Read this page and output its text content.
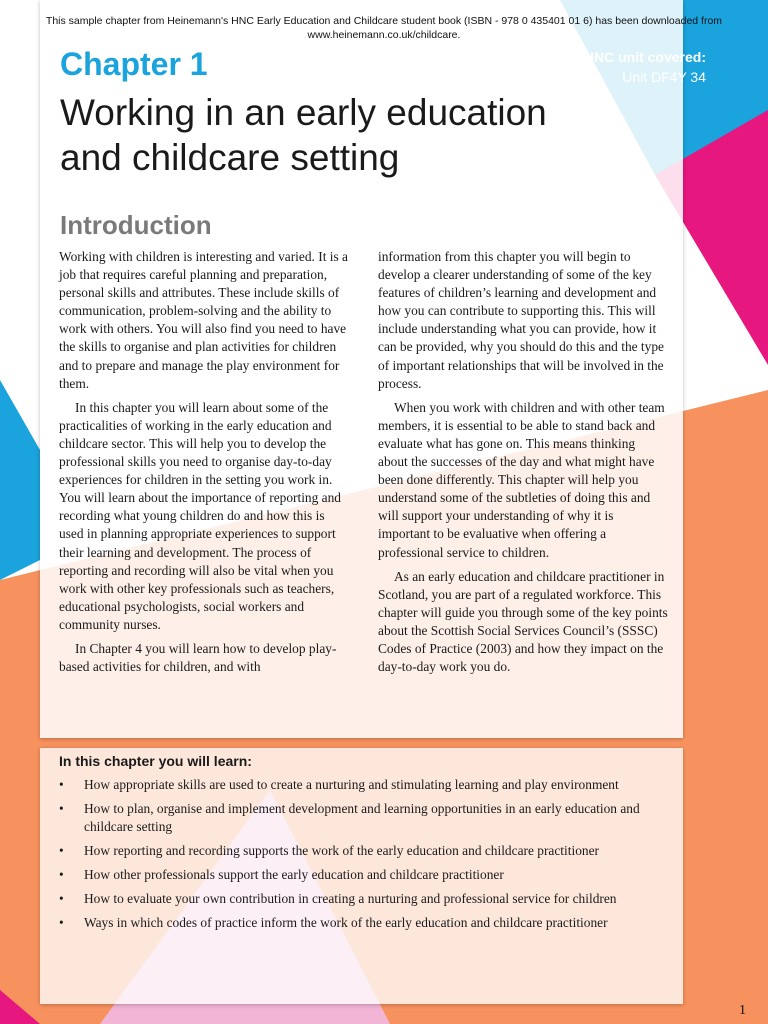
This sample chapter from Heinemann's HNC Early Education and Childcare student book (ISBN - 978 0 435401 01 6) has been downloaded from
www.heinemann.co.uk/childcare.
Chapter 1
Working in an early education
and childcare setting
HNC unit covered:
Unit DF4Y 34
Introduction

Working with children is interesting and varied. It is a job that requires careful planning and preparation, personal skills and attributes. These include skills of communication, problem-solving and the ability to work with others. You will also find you need to have the skills to organise and plan activities for children and to prepare and manage the play environment for them.

In this chapter you will learn about some of the practicalities of working in the early education and childcare sector. This will help you to develop the professional skills you need to organise day-to-day experiences for children in the setting you work in. You will learn about the importance of reporting and recording what young children do and how this is used in planning appropriate experiences to support their learning and development. The process of reporting and recording will also be vital when you work with other key professionals such as teachers, educational psychologists, social workers and community nurses.

In Chapter 4 you will learn how to develop play-based activities for children, and with

information from this chapter you will begin to develop a clearer understanding of some of the key features of children’s learning and development and how you can contribute to supporting this. This will include understanding what you can provide, how it can be provided, why you should do this and the type of important relationships that will be involved in the process.

When you work with children and with other team members, it is essential to be able to stand back and evaluate what has gone on. This means thinking about the successes of the day and what might have been done differently. This chapter will help you understand some of the subtleties of doing this and will support your understanding of why it is important to be evaluative when offering a professional service to children.

As an early education and childcare practitioner in Scotland, you are part of a regulated workforce. This chapter will guide you through some of the key points about the Scottish Social Services Council’s (SSSC) Codes of Practice (2003) and how they impact on the day-to-day work you do.

In this chapter you will learn:
• How appropriate skills are used to create a nurturing and stimulating learning and play environment
• How to plan, organise and implement development and learning opportunities in an early education and childcare setting
• How reporting and recording supports the work of the early education and childcare practitioner
• How other professionals support the early education and childcare practitioner
• How to evaluate your own contribution in creating a nurturing and professional service for children
• Ways in which codes of practice inform the work of the early education and childcare practitioner
1
